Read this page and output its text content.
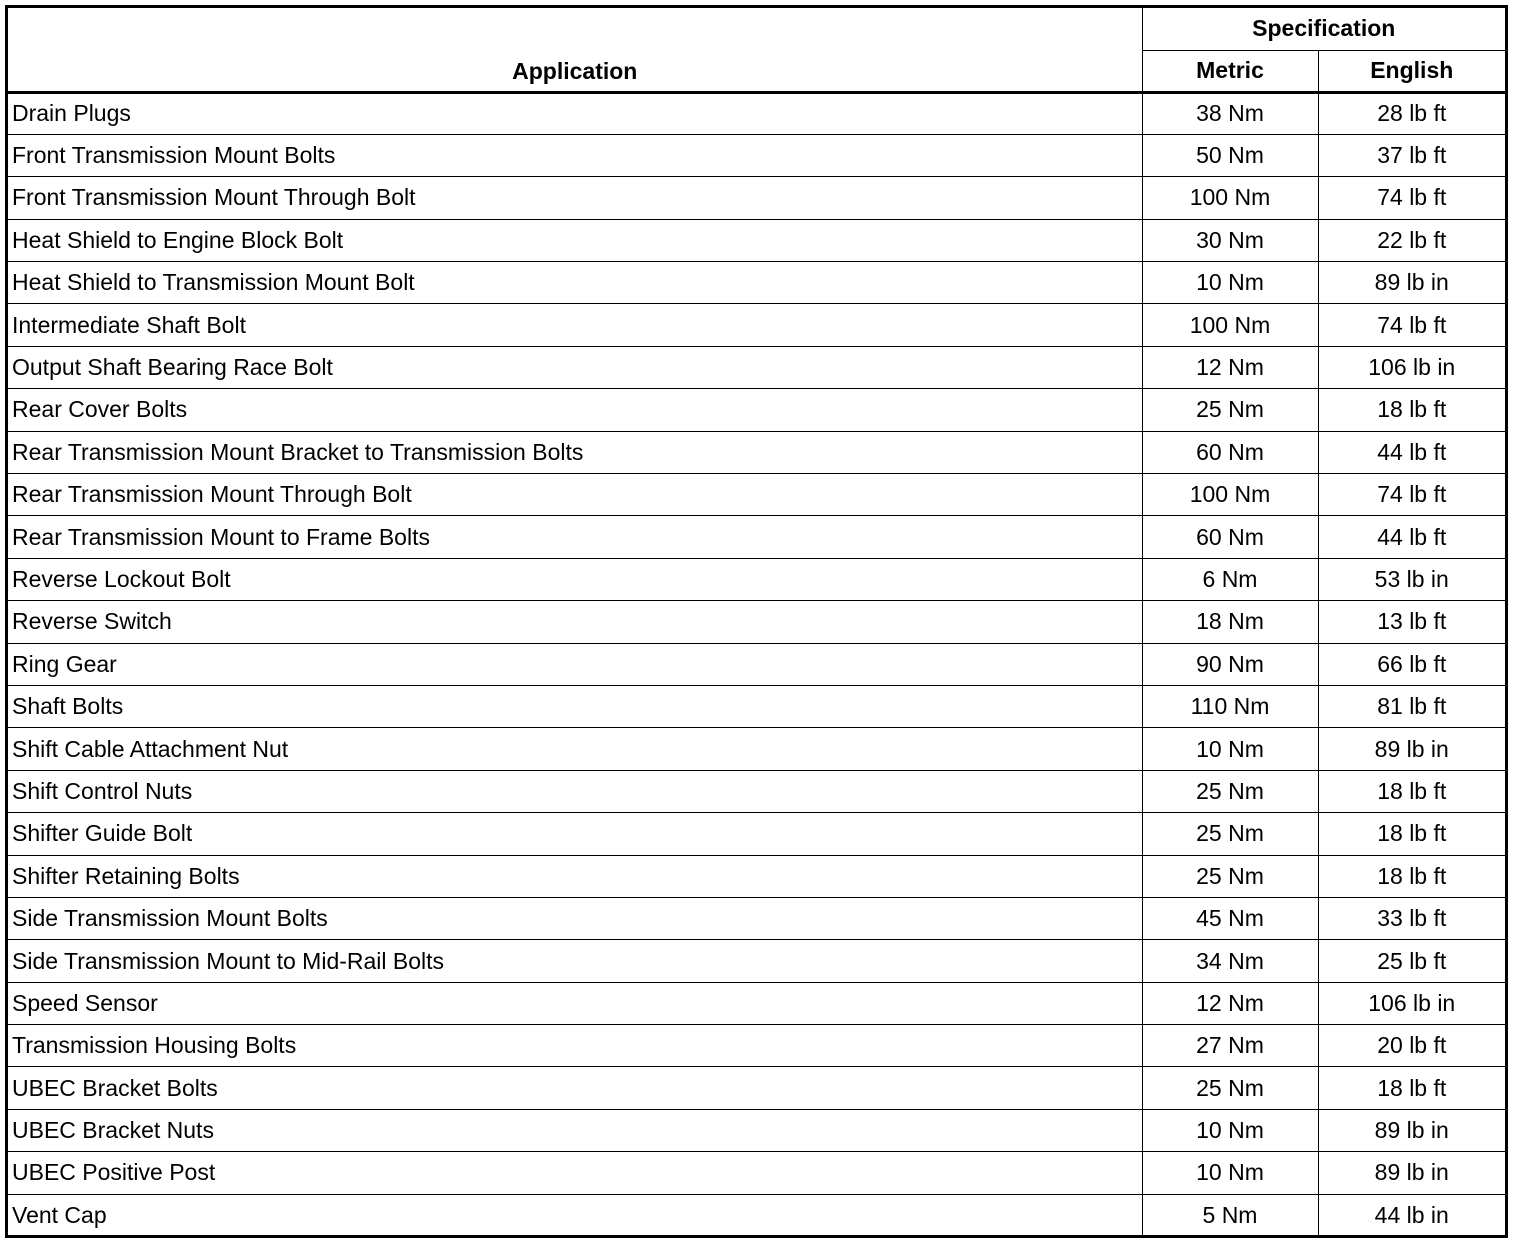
Application	Specification	
	Metric	English
Drain Plugs	38 Nm	28 lb ft
Front Transmission Mount Bolts	50 Nm	37 lb ft
Front Transmission Mount Through Bolt	100 Nm	74 lb ft
Heat Shield to Engine Block Bolt	30 Nm	22 lb ft
Heat Shield to Transmission Mount Bolt	10 Nm	89 lb in
Intermediate Shaft Bolt	100 Nm	74 lb ft
Output Shaft Bearing Race Bolt	12 Nm	106 lb in
Rear Cover Bolts	25 Nm	18 lb ft
Rear Transmission Mount Bracket to Transmission Bolts	60 Nm	44 lb ft
Rear Transmission Mount Through Bolt	100 Nm	74 lb ft
Rear Transmission Mount to Frame Bolts	60 Nm	44 lb ft
Reverse Lockout Bolt	6 Nm	53 lb in
Reverse Switch	18 Nm	13 lb ft
Ring Gear	90 Nm	66 lb ft
Shaft Bolts	110 Nm	81 lb ft
Shift Cable Attachment Nut	10 Nm	89 lb in
Shift Control Nuts	25 Nm	18 lb ft
Shifter Guide Bolt	25 Nm	18 lb ft
Shifter Retaining Bolts	25 Nm	18 lb ft
Side Transmission Mount Bolts	45 Nm	33 lb ft
Side Transmission Mount to Mid-Rail Bolts	34 Nm	25 lb ft
Speed Sensor	12 Nm	106 lb in
Transmission Housing Bolts	27 Nm	20 lb ft
UBEC Bracket Bolts	25 Nm	18 lb ft
UBEC Bracket Nuts	10 Nm	89 lb in
UBEC Positive Post	10 Nm	89 lb in
Vent Cap	5 Nm	44 lb in
